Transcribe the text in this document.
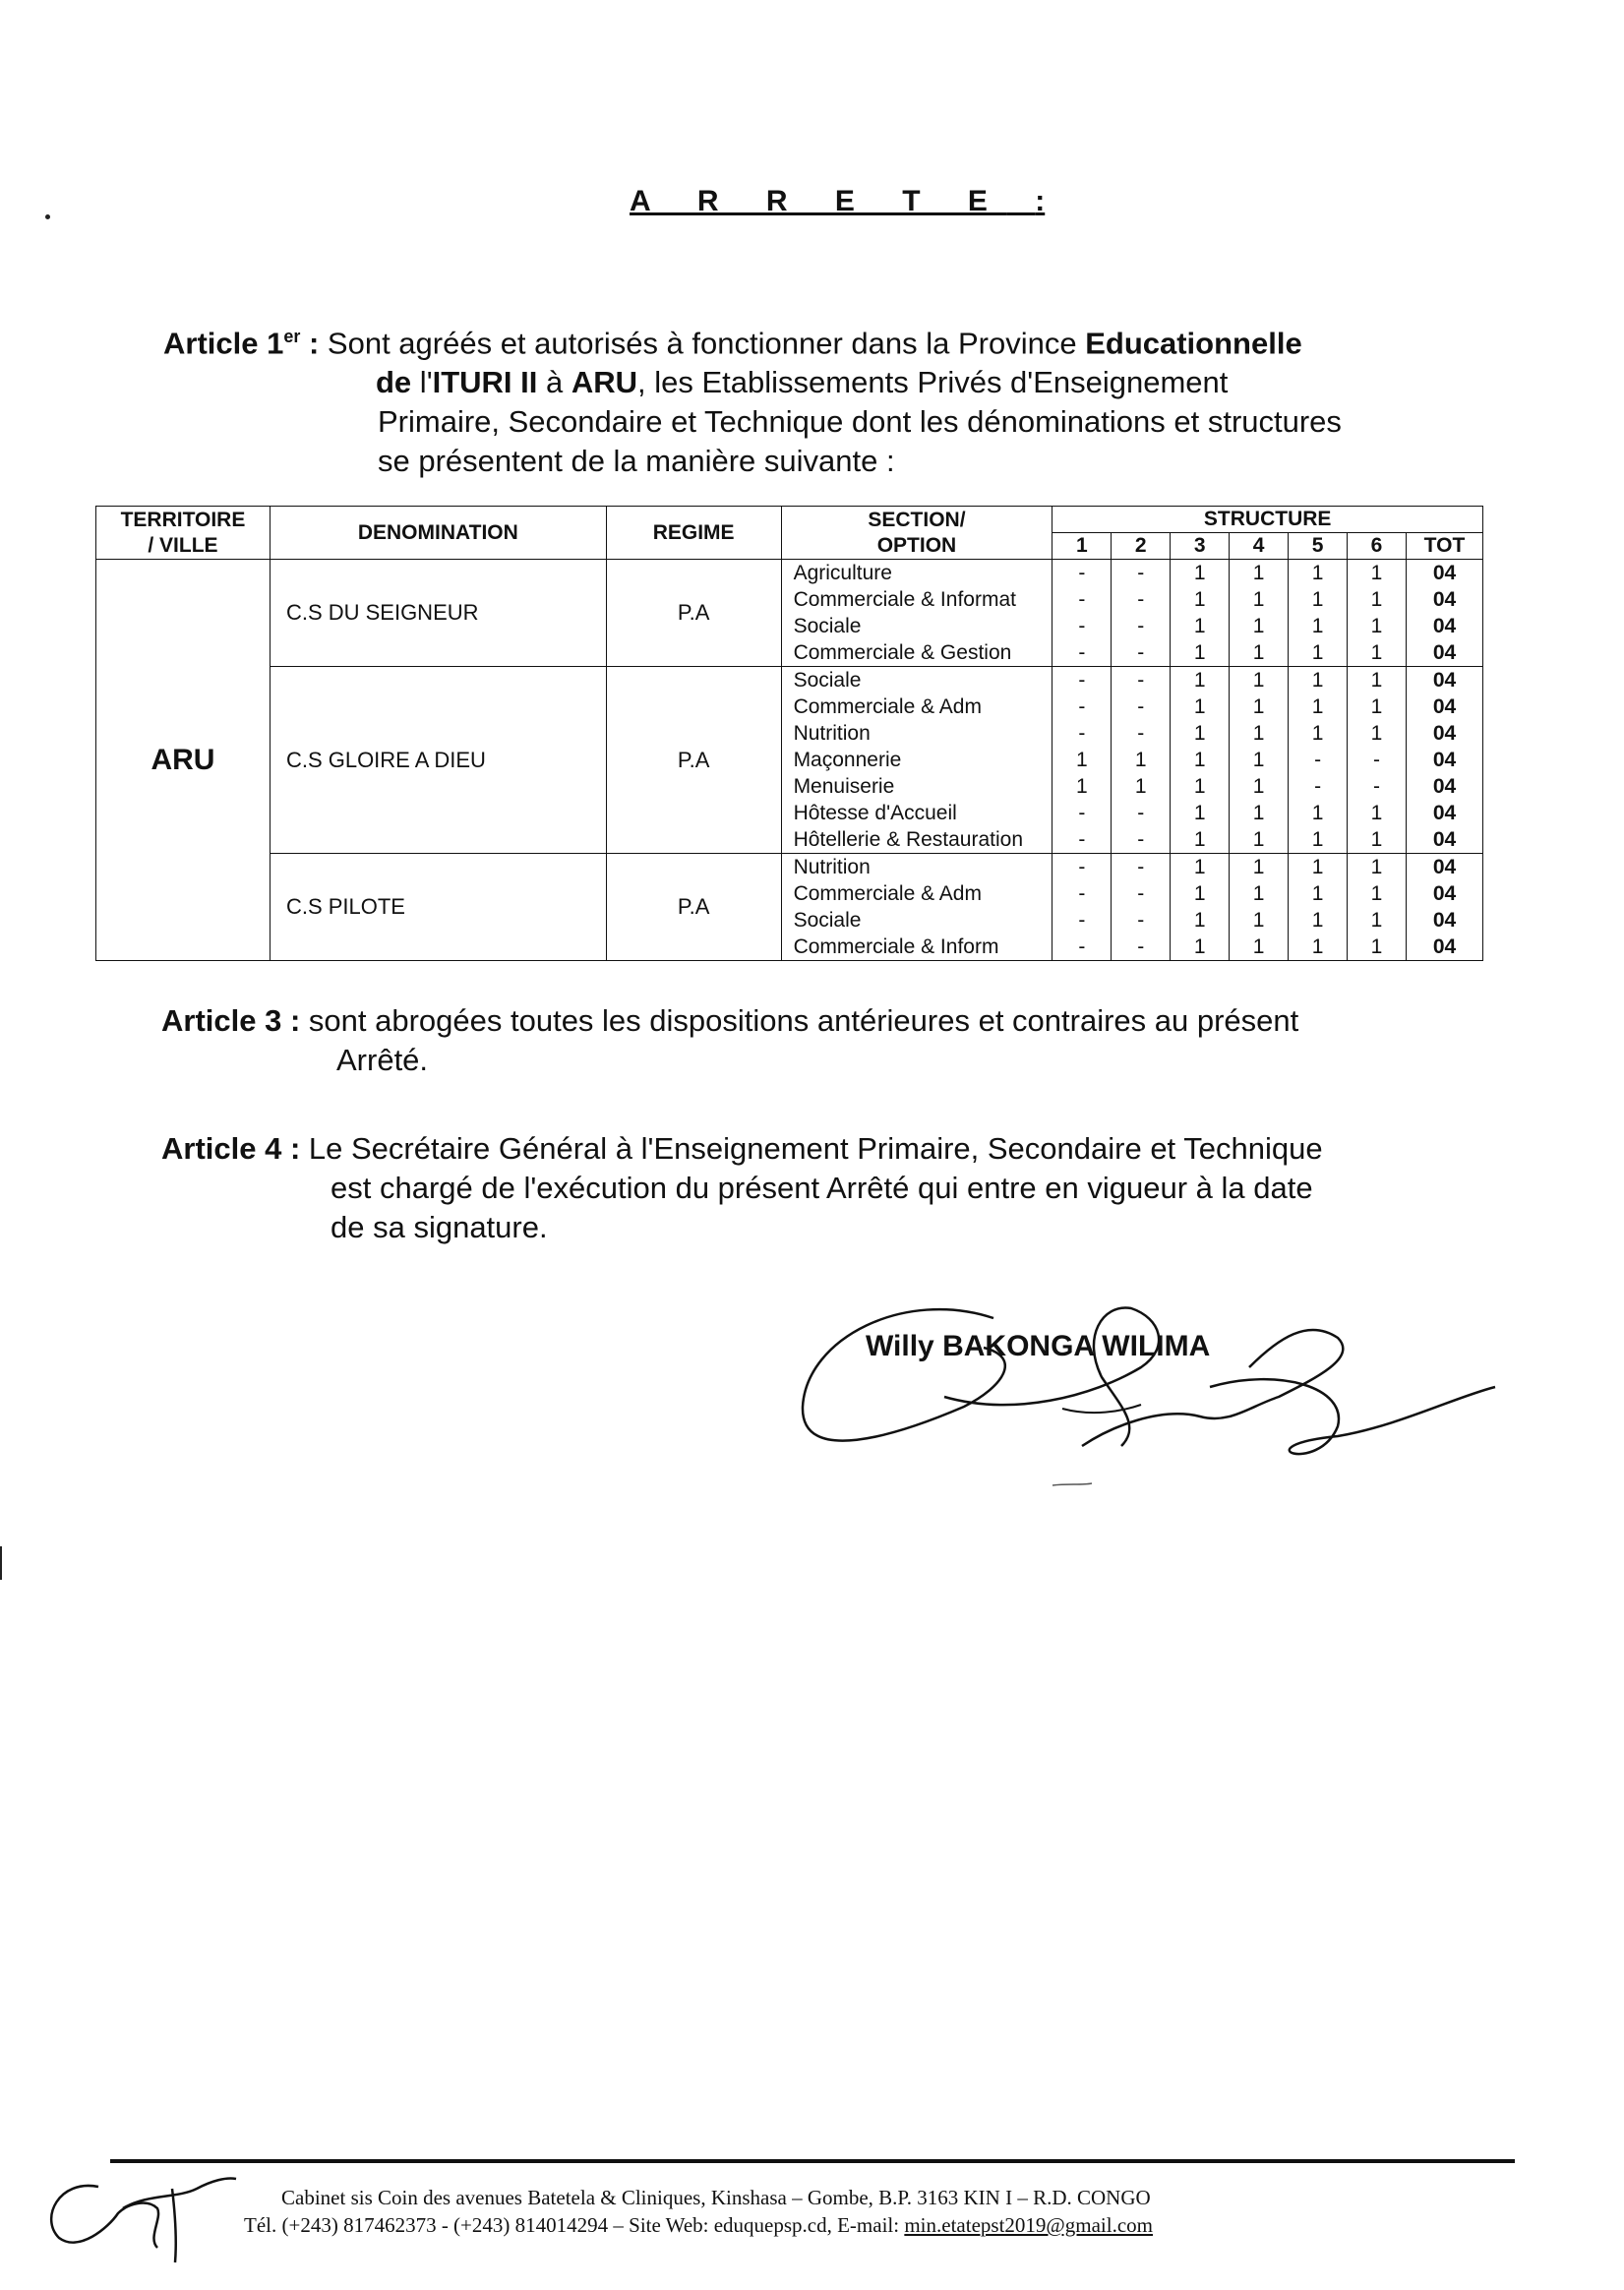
A R R E T E :
Article 1er : Sont agréés et autorisés à fonctionner dans la Province Educationnelle
de l'ITURI II à ARU, les Etablissements Privés d'Enseignement
Primaire, Secondaire et Technique dont les dénominations et structures
se présentent de la manière suivante :
TERRITOIRE
/ VILLE	DENOMINATION	REGIME	SECTION/
OPTION	STRUCTURE						
				1	2	3	4	5	6	TOT
ARU	C.S DU SEIGNEUR	P.A	Agriculture	-	-	1	1	1	1	04
			Commerciale & Informat	-	-	1	1	1	1	04
			Sociale	-	-	1	1	1	1	04
			Commerciale & Gestion	-	-	1	1	1	1	04
	C.S GLOIRE A DIEU	P.A	Sociale	-	-	1	1	1	1	04
			Commerciale & Adm	-	-	1	1	1	1	04
			Nutrition	-	-	1	1	1	1	04
			Maçonnerie	1	1	1	1	-	-	04
			Menuiserie	1	1	1	1	-	-	04
			Hôtesse d'Accueil	-	-	1	1	1	1	04
			Hôtellerie & Restauration	-	-	1	1	1	1	04
	C.S PILOTE	P.A	Nutrition	-	-	1	1	1	1	04
			Commerciale & Adm	-	-	1	1	1	1	04
			Sociale	-	-	1	1	1	1	04
			Commerciale & Inform	-	-	1	1	1	1	04
Article 3 : sont abrogées toutes les dispositions antérieures et contraires au présent
Arrêté.
Article 4 : Le Secrétaire Général à l'Enseignement Primaire, Secondaire et Technique
est chargé de l'exécution du présent Arrêté qui entre en vigueur à la date
de sa signature.
Willy BAKONGA WILIMA
Cabinet sis Coin des avenues Batetela & Cliniques, Kinshasa – Gombe, B.P. 3163 KIN I – R.D. CONGO
Tél. (+243) 817462373 - (+243) 814014294 – Site Web: eduquepsp.cd, E-mail: min.etatepst2019@gmail.com
